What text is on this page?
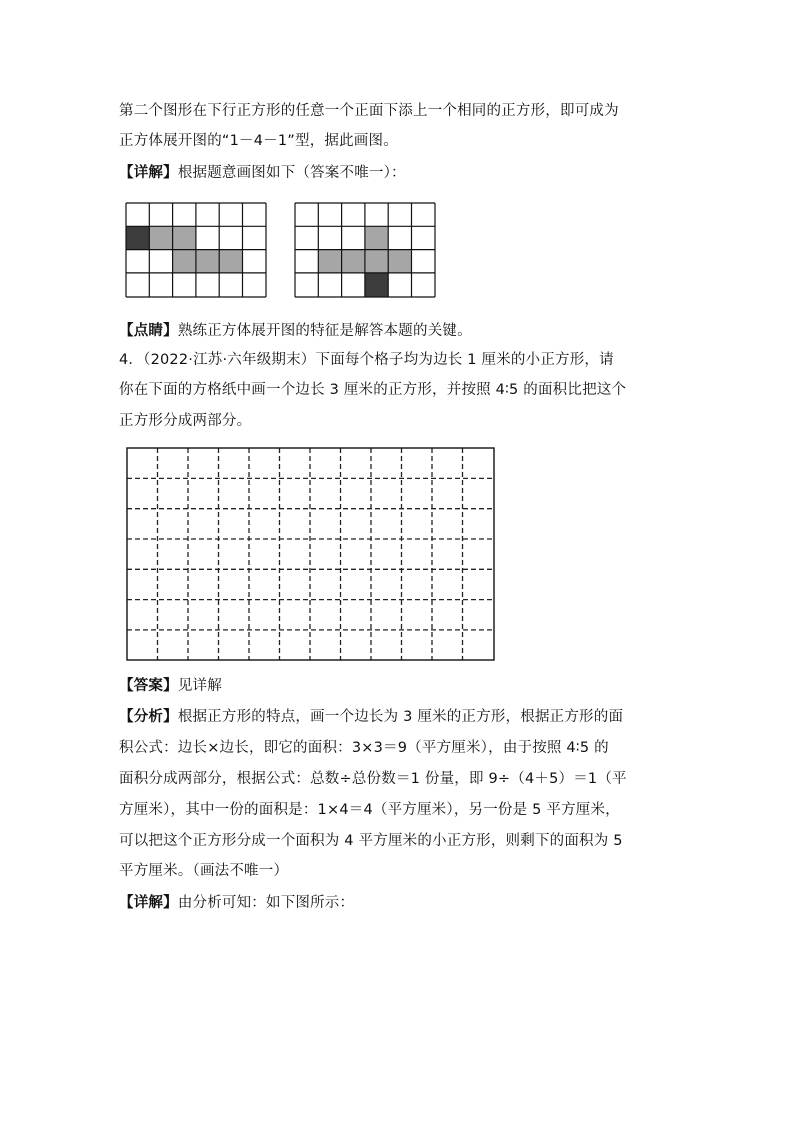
第二个图形在下行正方形的任意一个正面下添上一个相同的正方形，即可成为
正方体展开图的“1－4－1”型，据此画图。
【详解】根据题意画图如下（答案不唯一）：
【点睛】熟练正方体展开图的特征是解答本题的关键。
4．（2022·江苏·六年级期末）下面每个格子均为边长 1 厘米的小正方形，请
你在下面的方格纸中画一个边长 3 厘米的正方形，并按照 4∶5 的面积比把这个
正方形分成两部分。
【答案】见详解
【分析】根据正方形的特点，画一个边长为 3 厘米的正方形，根据正方形的面
积公式：边长×边长，即它的面积：3×3＝9（平方厘米），由于按照 4∶5 的
面积分成两部分，根据公式：总数÷总份数＝1 份量，即 9÷（4＋5）＝1（平
方厘米），其中一份的面积是：1×4＝4（平方厘米），另一份是 5 平方厘米，
可以把这个正方形分成一个面积为 4 平方厘米的小正方形，则剩下的面积为 5
平方厘米。（画法不唯一）
【详解】由分析可知：如下图所示：
